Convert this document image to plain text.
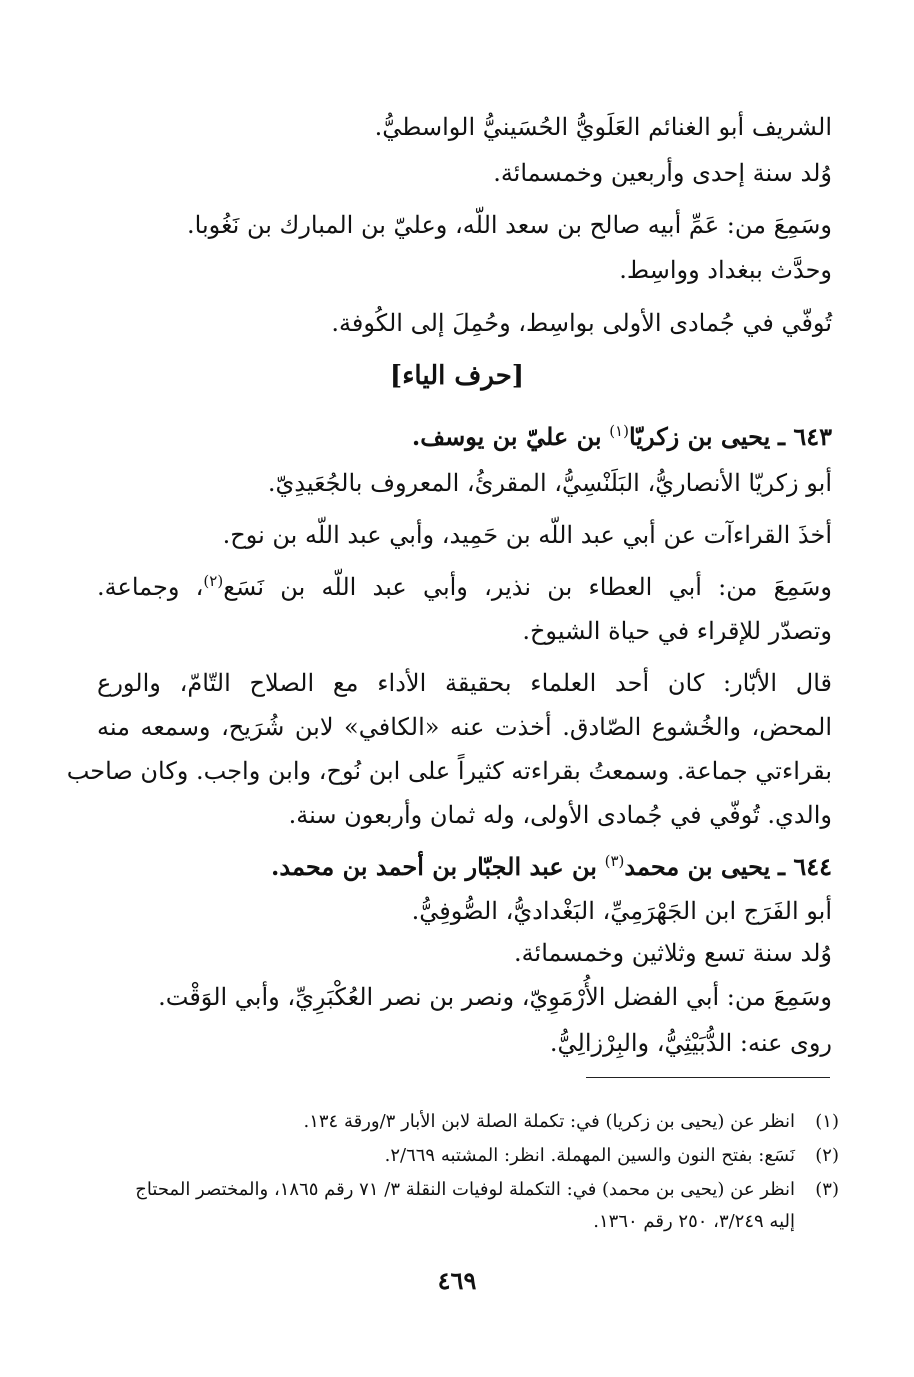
الشريف أبو الغنائم العَلَويُّ الحُسَينيُّ الواسطيُّ.
وُلد سنة إحدى وأربعين وخمسمائة.
وسَمِعَ من: عَمِّ أبيه صالح بن سعد اللّه، وعليّ بن المبارك بن نَغُوبا.
وحدَّث ببغداد وواسِط.
تُوفّي في جُمادى الأولى بواسِط، وحُمِلَ إلى الكُوفة.
[حرف الياء]
٦٤٣ ـ يحيى بن زكريّا$^{(١)}$ بن عليّ بن يوسف.
أبو زكريّا الأنصاريُّ، البَلَنْسِيُّ، المقرئُ، المعروف بالجُعَيدِيّ.
أخذَ القراءآت عن أبي عبد اللّه بن حَمِيد، وأبي عبد اللّه بن نوح.
وسَمِعَ من: أبي العطاء بن نذير، وأبي عبد اللّه بن نَسَع$^{(٢)}$، وجماعة.
وتصدّر للإقراء في حياة الشيوخ.
قال الأبّار: كان أحد العلماء بحقيقة الأداء مع الصلاح التّامّ، والورع
المحض، والخُشوع الصّادق. أخذت عنه «الكافي» لابن شُرَيح، وسمعه منه
بقراءتي جماعة. وسمعتُ بقراءته كثيراً على ابن نُوح، وابن واجب. وكان صاحب
والدي. تُوفّي في جُمادى الأولى، وله ثمان وأربعون سنة.
٦٤٤ ـ يحيى بن محمد$^{(٣)}$ بن عبد الجبّار بن أحمد بن محمد.
أبو الفَرَج ابن الجَهْرَمِيِّ، البَغْداديُّ، الصُّوفِيُّ.
وُلد سنة تسع وثلاثين وخمسمائة.
وسَمِعَ من: أبي الفضل الأُرْمَوِيّ، ونصر بن نصر العُكْبَرِيِّ، وأبي الوَقْت.
روى عنه: الدُّبَيْثِيُّ، والبِرْزالِيُّ.
(١)انظر عن (يحيى بن زكريا) في: تكملة الصلة لابن الأبار ٣/ورقة ١٣٤.
(٢)نَسَع: بفتح النون والسين المهملة. انظر: المشتبه ٢/٦٦٩.
(٣)انظر عن (يحيى بن محمد) في: التكملة لوفيات النقلة ٣/ ٧١ رقم ١٨٦٥، والمختصر المحتاج
إليه ٣/٢٤٩، ٢٥٠ رقم ١٣٦٠.
٤٦٩
